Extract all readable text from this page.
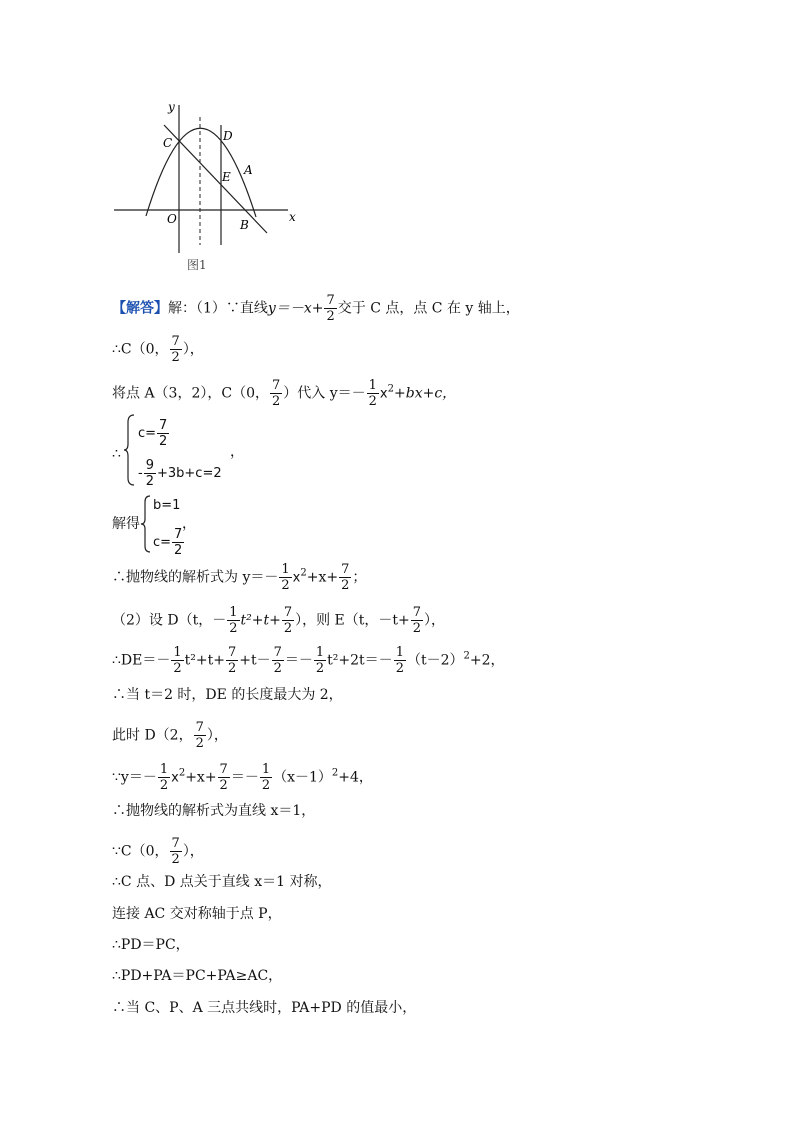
y
x
O
C	D
E A
B
图1
【解答】解：（1）∵直线$y=-x+ \frac{7}{2}$ 交于 C 点，点 C 在 y 轴上，
∴C（0， $\frac{7}{2}$ ），
将点 A（3，2），C（0， $\frac{7}{2}$ ）代入 $y=- \frac{1}{2} x^2+bx+c$，
∴
$c= \frac{7}{2}$
- $\frac{9}{2} +3b+c=2$
，
解得
b=1
$c= \frac{7}{2}$
，
∴抛物线的解析式为 $y=- \frac{1}{2} x^2+x+ \frac{7}{2}$ ；
（2）设 D（t，－ $\frac{1}{2} t^2+t+ \frac{7}{2}$ ），则 E（t，$-t+ \frac{7}{2}$ ），
∴DE＝－ $\frac{1}{2} t^2+t+ \frac{7}{2} +t- \frac{7}{2} =- \frac{1}{2} t^2+2t=- \frac{1}{2} (t-2)^2+2$，
∴当 t＝2 时，DE 的长度最大为 2，
此时 D（2， $\frac{7}{2}$ ），
∵y＝－ $\frac{1}{2} x^2+x+ \frac{7}{2} =- \frac{1}{2} (x-1)^2+4$，
∴抛物线的解析式为直线 x＝1，
∵C（0， $\frac{7}{2}$ ），
∴C 点、D 点关于直线 x＝1 对称，
连接 AC 交对称轴于点 P，
∴PD＝PC，
∴PD+PA＝PC+PA≥AC，
∴当 C、P、A 三点共线时，PA+PD 的值最小，
